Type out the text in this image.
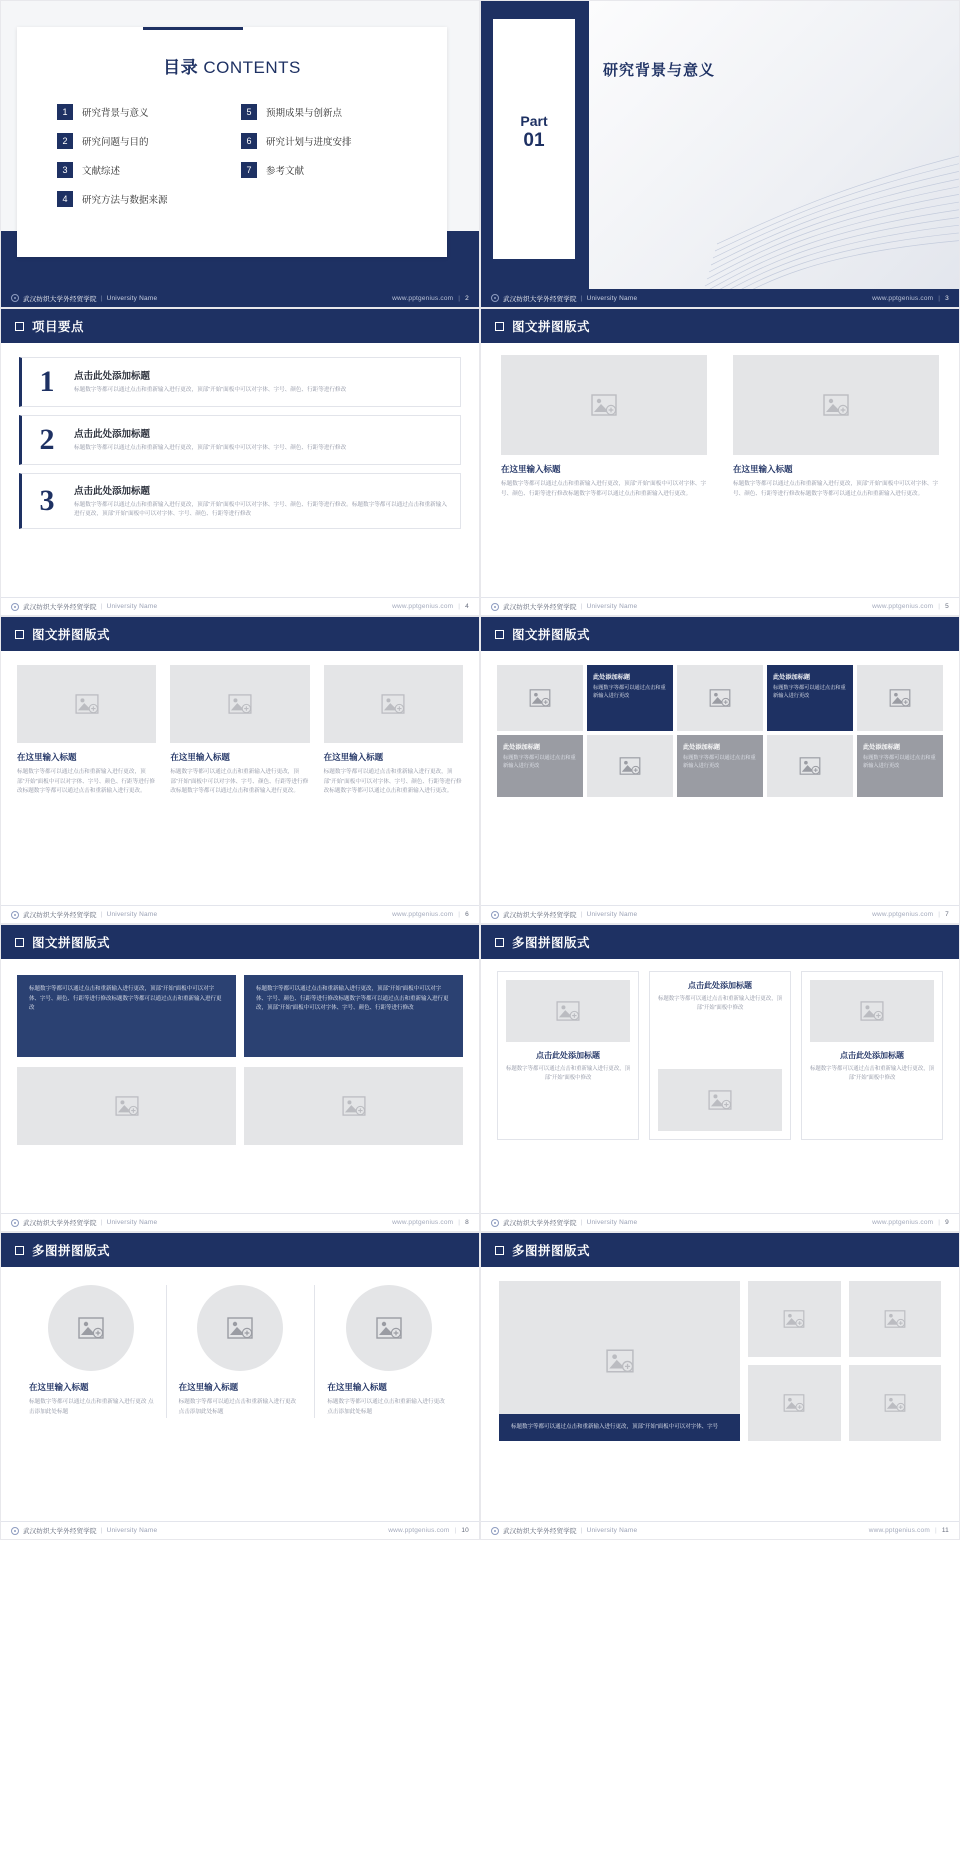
目录 CONTENTS
1	研究背景与意义	5	预期成果与创新点
2	研究问题与目的	6	研究计划与进度安排
3	文献综述	7	参考文献
4	研究方法与数据来源
武汉纺织大学外经贸学院 | University Name	www.pptgenius.com | 2
Part
01
研究背景与意义
武汉纺织大学外经贸学院 | University Name	www.pptgenius.com | 3
项目要点
1	点击此处添加标题

标题数字等都可以通过点击和重新输入进行更改，顶部“开始”面板中可以对字体、字号、颜色、行距等进行修改

2	点击此处添加标题

标题数字等都可以通过点击和重新输入进行更改，顶部“开始”面板中可以对字体、字号、颜色、行距等进行修改

3	点击此处添加标题

标题数字等都可以通过点击和重新输入进行更改，顶部“开始”面板中可以对字体、字号、颜色、行距等进行修改。标题数字等都可以通过点击和重新输入进行更改，顶部“开始”面板中可以对字体、字号、颜色、行距等进行修改

武汉纺织大学外经贸学院 | University Name	www.pptgenius.com | 4
图文拼图版式
在这里输入标题

标题数字等都可以通过点击和重新输入进行更改，顶部“开始”面板中可以对字体、字号、颜色、行距等进行修改标题数字等都可以通过点击和重新输入进行更改。

在这里输入标题

标题数字等都可以通过点击和重新输入进行更改，顶部“开始”面板中可以对字体、字号、颜色、行距等进行修改标题数字等都可以通过点击和重新输入进行更改。

武汉纺织大学外经贸学院 | University Name	www.pptgenius.com | 5
图文拼图版式
在这里输入标题

标题数字等都可以通过点击和重新输入进行更改，顶部“开始”面板中可以对字体、字号、颜色、行距等进行修改标题数字等都可以通过点击和重新输入进行更改。

在这里输入标题

标题数字等都可以通过点击和重新输入进行更改，顶部“开始”面板中可以对字体、字号、颜色、行距等进行修改标题数字等都可以通过点击和重新输入进行更改。

在这里输入标题

标题数字等都可以通过点击和重新输入进行更改，顶部“开始”面板中可以对字体、字号、颜色、行距等进行修改标题数字等都可以通过点击和重新输入进行更改。

武汉纺织大学外经贸学院 | University Name	www.pptgenius.com | 6
图文拼图版式
此处添加标题

标题数字等都可以通过点击和重新输入进行更改

此处添加标题

标题数字等都可以通过点击和重新输入进行更改

此处添加标题

标题数字等都可以通过点击和重新输入进行更改

此处添加标题

标题数字等都可以通过点击和重新输入进行更改

此处添加标题

标题数字等都可以通过点击和重新输入进行更改

武汉纺织大学外经贸学院 | University Name	www.pptgenius.com | 7
图文拼图版式

标题数字等都可以通过点击和重新输入进行更改，顶部“开始”面板中可以对字体、字号、颜色、行距等进行修改标题数字等都可以通过点击和重新输入进行更改

标题数字等都可以通过点击和重新输入进行更改，顶部“开始”面板中可以对字体、字号、颜色、行距等进行修改标题数字等都可以通过点击和重新输入进行更改，顶部“开始”面板中可以对字体、字号、颜色、行距等进行修改

武汉纺织大学外经贸学院 | University Name	www.pptgenius.com | 8
多图拼图版式
点击此处添加标题

标题数字等都可以通过点击和重新输入进行更改，顶部“开始”面板中修改

点击此处添加标题

标题数字等都可以通过点击和重新输入进行更改，顶部“开始”面板中修改

点击此处添加标题

标题数字等都可以通过点击和重新输入进行更改，顶部“开始”面板中修改

武汉纺织大学外经贸学院 | University Name	www.pptgenius.com | 9
多图拼图版式
在这里输入标题

标题数字等都可以通过点击和重新输入进行更改 点击添加此处标题

在这里输入标题

标题数字等都可以通过点击和重新输入进行更改 点击添加此处标题

在这里输入标题

标题数字等都可以通过点击和重新输入进行更改 点击添加此处标题

武汉纺织大学外经贸学院 | University Name	www.pptgenius.com | 10
多图拼图版式

标题数字等都可以通过点击和重新输入进行更改，顶部“开始”面板中可以对字体、字号

武汉纺织大学外经贸学院 | University Name	www.pptgenius.com | 11
